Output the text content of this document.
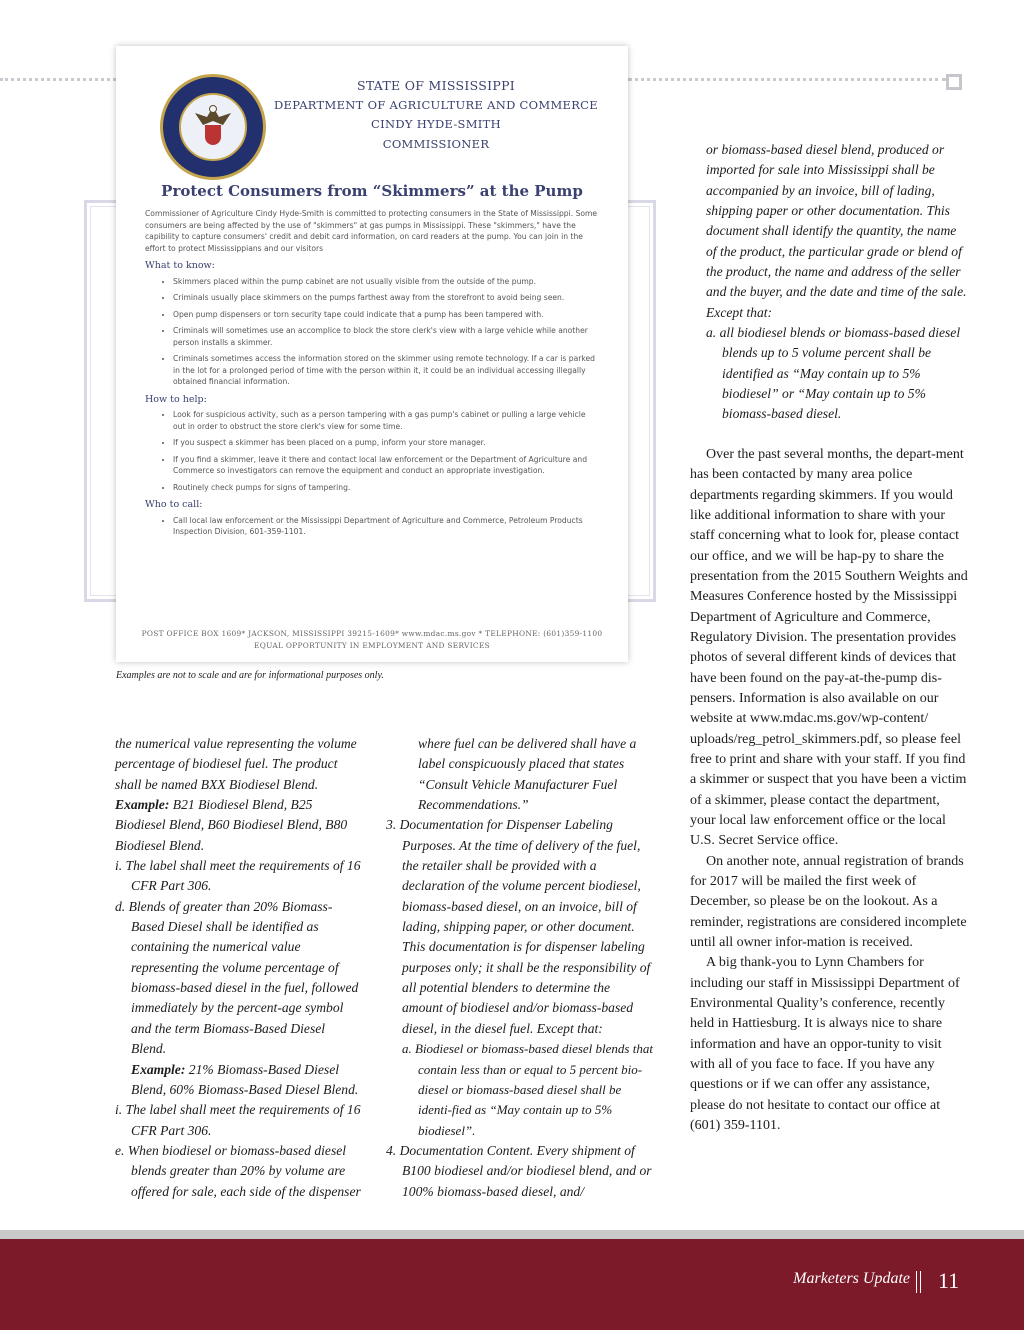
STATE OF MISSISSIPPI
DEPARTMENT OF AGRICULTURE AND COMMERCE
CINDY HYDE-SMITH
COMMISSIONER
Protect Consumers from “Skimmers” at the Pump

Commissioner of Agriculture Cindy Hyde-Smith is committed to protecting consumers in the State of Mississippi. Some consumers are being affected by the use of "skimmers" at gas pumps in Mississippi. These "skimmers," have the capibility to capture consumers' credit and debit card information, on card readers at the pump. You can join in the effort to protect Mississippians and our visitors

What to know:
• Skimmers placed within the pump cabinet are not usually visible from the outside of the pump.
• Criminals usually place skimmers on the pumps farthest away from the storefront to avoid being seen.
• Open pump dispensers or torn security tape could indicate that a pump has been tampered with.
• Criminals will sometimes use an accomplice to block the store clerk's view with a large vehicle while another person installs a skimmer.
• Criminals sometimes access the information stored on the skimmer using remote technology. If a car is parked in the lot for a prolonged period of time with the person within it, it could be an individual accessing illegally obtained financial information.
How to help:
• Look for suspicious activity, such as a person tampering with a gas pump's cabinet or pulling a large vehicle out in order to obstruct the store clerk's view for some time.
• If you suspect a skimmer has been placed on a pump, inform your store manager.
• If you find a skimmer, leave it there and contact local law enforcement or the Department of Agriculture and Commerce so investigators can remove the equipment and conduct an appropriate investigation.
• Routinely check pumps for signs of tampering.
Who to call:
• Call local law enforcement or the Mississippi Department of Agriculture and Commerce, Petroleum Products Inspection Division, 601-359-1101.
POST OFFICE BOX 1609* JACKSON, MISSISSIPPI 39215-1609* www.mdac.ms.gov * TELEPHONE: (601)359-1100
EQUAL OPPORTUNITY IN EMPLOYMENT AND SERVICES
Examples are not to scale and are for informational purposes only.

the numerical value representing the volume percentage of biodiesel fuel. The product shall be named BXX Biodiesel Blend.

Example: B21 Biodiesel Blend, B25 Biodiesel Blend, B60 Biodiesel Blend, B80 Biodiesel Blend.

i. The label shall meet the requirements of 16 CFR Part 306.

d. Blends of greater than 20% Biomass-Based Diesel shall be identified as containing the numerical value representing the volume percentage of biomass-based diesel in the fuel, followed immediately by the percent-age symbol and the term Biomass-Based Diesel Blend.

Example: 21% Biomass-Based Diesel Blend, 60% Biomass-Based Diesel Blend.

i. The label shall meet the requirements of 16 CFR Part 306.

e. When biodiesel or biomass-based diesel blends greater than 20% by volume are offered for sale, each side of the dispenser

where fuel can be delivered shall have a label conspicuously placed that states “Consult Vehicle Manufacturer Fuel Recommendations.”

3. Documentation for Dispenser Labeling Purposes. At the time of delivery of the fuel, the retailer shall be provided with a declaration of the volume percent biodiesel, biomass-based diesel, on an invoice, bill of lading, shipping paper, or other document. This documentation is for dispenser labeling purposes only; it shall be the responsibility of all potential blenders to determine the amount of biodiesel and/or biomass-based diesel, in the diesel fuel. Except that:

a. Biodiesel or biomass-based diesel blends that contain less than or equal to 5 percent bio-diesel or biomass-based diesel shall be identi-fied as “May contain up to 5% biodiesel”.

4. Documentation Content. Every shipment of B100 biodiesel and/or biodiesel blend, and or 100% biomass-based diesel, and/

or biomass-based diesel blend, produced or imported for sale into Mississippi shall be accompanied by an invoice, bill of lading, shipping paper or other documentation. This document shall identify the quantity, the name of the product, the particular grade or blend of the product, the name and address of the seller and the buyer, and the date and time of the sale. Except that:

a. all biodiesel blends or biomass-based diesel blends up to 5 volume percent shall be identified as “May contain up to 5% biodiesel” or “May contain up to 5% biomass-based diesel.

Over the past several months, the depart-ment has been contacted by many area police departments regarding skimmers. If you would like additional information to share with your staff concerning what to look for, please contact our office, and we will be hap-py to share the presentation from the 2015 Southern Weights and Measures Conference hosted by the Mississippi Department of Agriculture and Commerce, Regulatory Division. The presentation provides photos of several different kinds of devices that have been found on the pay-at-the-pump dis-pensers. Information is also available on our website at www.mdac.ms.gov/wp-content/ uploads/reg_petrol_skimmers.pdf, so please feel free to print and share with your staff. If you find a skimmer or suspect that you have been a victim of a skimmer, please contact the department, your local law enforcement office or the local U.S. Secret Service office.

On another note, annual registration of brands for 2017 will be mailed the first week of December, so please be on the lookout. As a reminder, registrations are considered incomplete until all owner infor-mation is received.

A big thank-you to Lynn Chambers for including our staff in Mississippi Department of Environmental Quality’s conference, recently held in Hattiesburg. It is always nice to share information and have an oppor-tunity to visit with all of you face to face. If you have any questions or if we can offer any assistance, please do not hesitate to contact our office at (601) 359-1101.

Marketers Update 11
